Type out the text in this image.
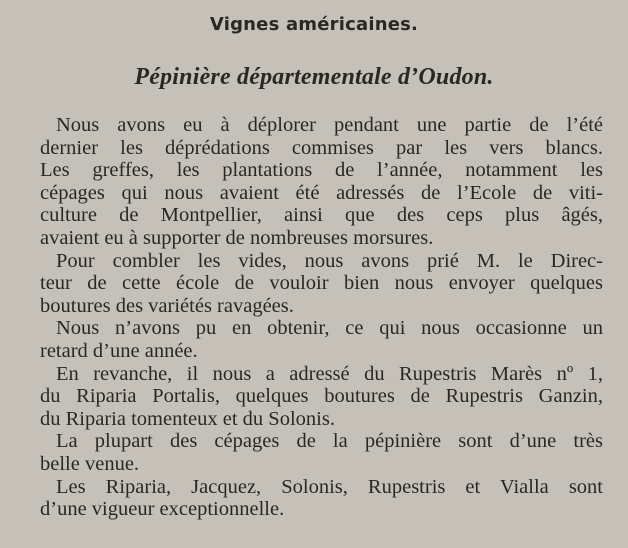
Vignes américaines.
Pépinière départementale d’Oudon.

Nous avons eu à déplorer pendant une partie de l’été
dernier les déprédations commises par les vers blancs.
Les greffes, les plantations de l’année, notamment les
cépages qui nous avaient été adressés de l’Ecole de viti-
culture de Montpellier, ainsi que des ceps plus âgés,
avaient eu à supporter de nombreuses morsures.
Pour combler les vides, nous avons prié M. le Direc-
teur de cette école de vouloir bien nous envoyer quelques
boutures des variétés ravagées.
Nous n’avons pu en obtenir, ce qui nous occasionne un
retard d’une année.
En revanche, il nous a adressé du Rupestris Marès nº 1,
du Riparia Portalis, quelques boutures de Rupestris Ganzin,
du Riparia tomenteux et du Solonis.
La plupart des cépages de la pépinière sont d’une très
belle venue.
Les Riparia, Jacquez, Solonis, Rupestris et Vialla sont
d’une vigueur exceptionnelle.
